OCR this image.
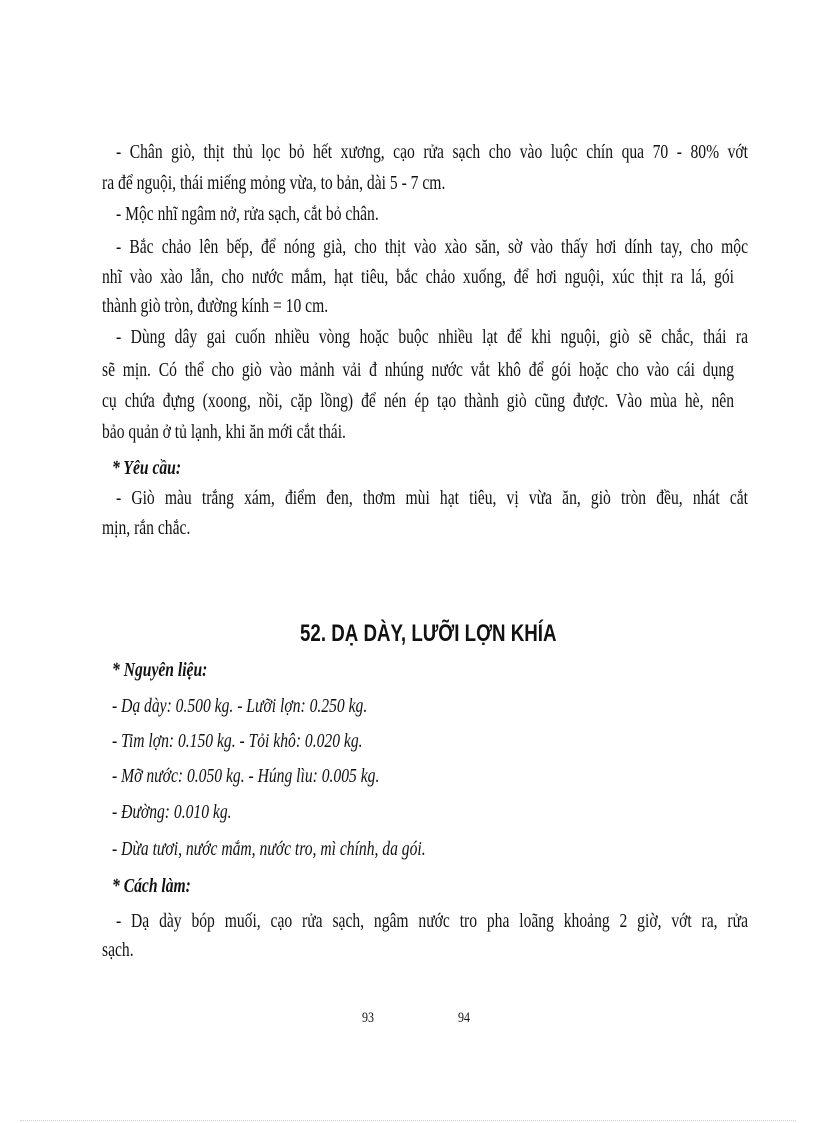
- Chân giò, thịt thủ lọc bỏ hết xương, cạo rửa sạch cho vào luộc chín qua 70 - 80% vớt
ra để nguội, thái miếng mỏng vừa, to bản, dài 5 - 7 cm.
- Mộc nhĩ ngâm nở, rửa sạch, cắt bỏ chân.
- Bắc chảo lên bếp, để nóng già, cho thịt vào xào săn, sờ vào thấy hơi dính tay, cho mộc
nhĩ vào xào lẫn, cho nước mắm, hạt tiêu, bắc chảo xuống, để hơi nguội, xúc thịt ra lá, gói
thành giò tròn, đường kính = 10 cm.
- Dùng dây gai cuốn nhiều vòng hoặc buộc nhiều lạt để khi nguội, giò sẽ chắc, thái ra
sẽ mịn. Có thể cho giò vào mảnh vải đ nhúng nước vắt khô để gói hoặc cho vào cái dụng
cụ chứa đựng (xoong, nồi, cặp lồng) để nén ép tạo thành giò cũng được. Vào mùa hè, nên
bảo quản ở tủ lạnh, khi ăn mới cắt thái.
* Yêu cầu:
- Giò màu trắng xám, điểm đen, thơm mùi hạt tiêu, vị vừa ăn, giò tròn đều, nhát cắt
mịn, rắn chắc.
52. DẠ DÀY, LƯỠI LỢN KHÍA
* Nguyên liệu:
- Dạ dày: 0.500 kg. - Lưỡi lợn: 0.250 kg.
- Tim lợn: 0.150 kg. - Tỏi khô: 0.020 kg.
- Mỡ nước: 0.050 kg. - Húng lìu: 0.005 kg.
- Đường: 0.010 kg.
- Dừa tươi, nước mắm, nước tro, mì chính, da gói.
* Cách làm:
- Dạ dày bóp muối, cạo rửa sạch, ngâm nước tro pha loãng khoảng 2 giờ, vớt ra, rửa
sạch.
93	94
